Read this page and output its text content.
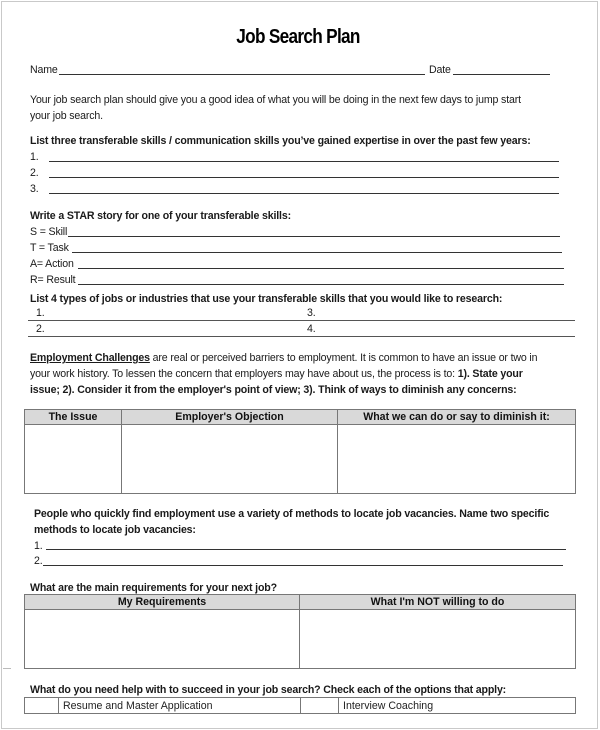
Job Search Plan
Name	Date
Your job search plan should give you a good idea of what you will be doing in the next few days to jump start
your job search.
List three transferable skills / communication skills you’ve gained expertise in over the past few years:
1.
2.
3.
Write a STAR story for one of your transferable skills:
S = Skill
T = Task
A= Action
R= Result
List 4 types of jobs or industries that use your transferable skills that you would like to research:
1.	3.
2.	4.
Employment Challenges are real or perceived barriers to employment. It is common to have an issue or two in
your work history. To lessen the concern that employers may have about us, the process is to: 1). State your
issue; 2). Consider it from the employer's point of view; 3). Think of ways to diminish any concerns:
The Issue	Employer's Objection	What we can do or say to diminish it:

People who quickly find employment use a variety of methods to locate job vacancies. Name two specific
methods to locate job vacancies:
1.
2.
What are the main requirements for your next job?
My Requirements	What I'm NOT willing to do

What do you need help with to succeed in your job search? Check each of the options that apply:
	Resume and Master Application		Interview Coaching
